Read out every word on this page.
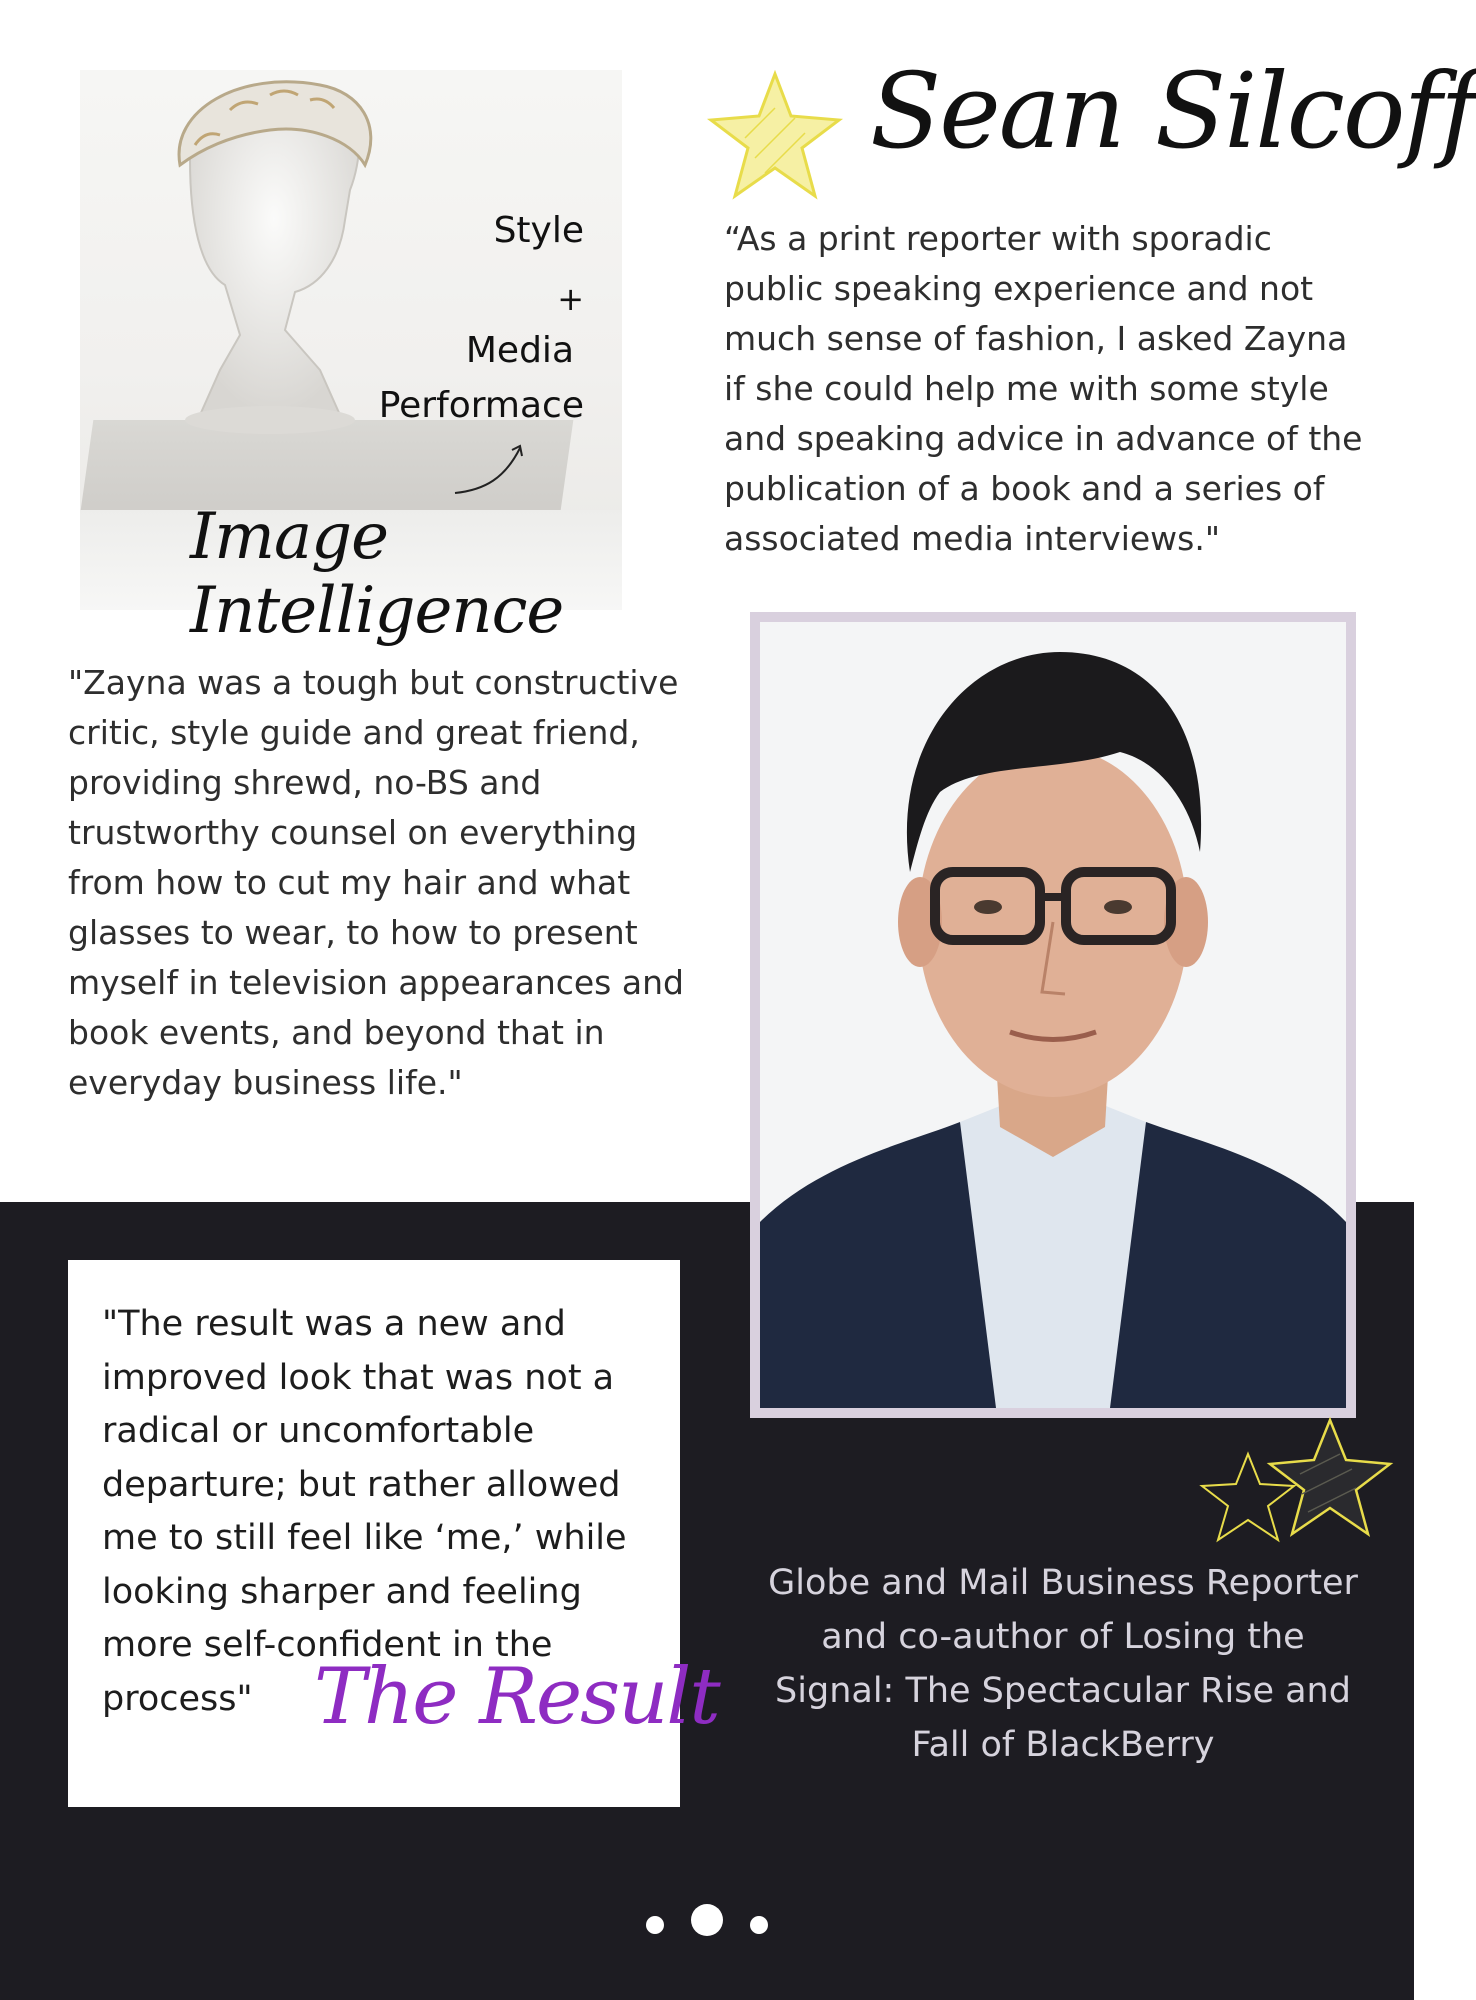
Style
+
Media
Performace
Image Intelligence
Sean Silcoff
“As a print reporter with sporadic public speaking experience and not much sense of fashion, I asked Zayna if she could help me with some style and speaking advice in advance of the publication of a book and a series of associated media interviews."
"Zayna was a tough but constructive critic, style guide and great friend, providing shrewd, no-BS and trustworthy counsel on everything from how to cut my hair and what glasses to wear, to how to present myself in television appearances and book events, and beyond that in everyday business life."
"The result was a new and improved look that was not a radical or uncomfortable departure; but rather allowed me to still feel like ‘me,’ while looking sharper and feeling more self-confident in the process" The Result
Globe and Mail Business Reporter and co-author of Losing the Signal: The Spectacular Rise and Fall of BlackBerry
